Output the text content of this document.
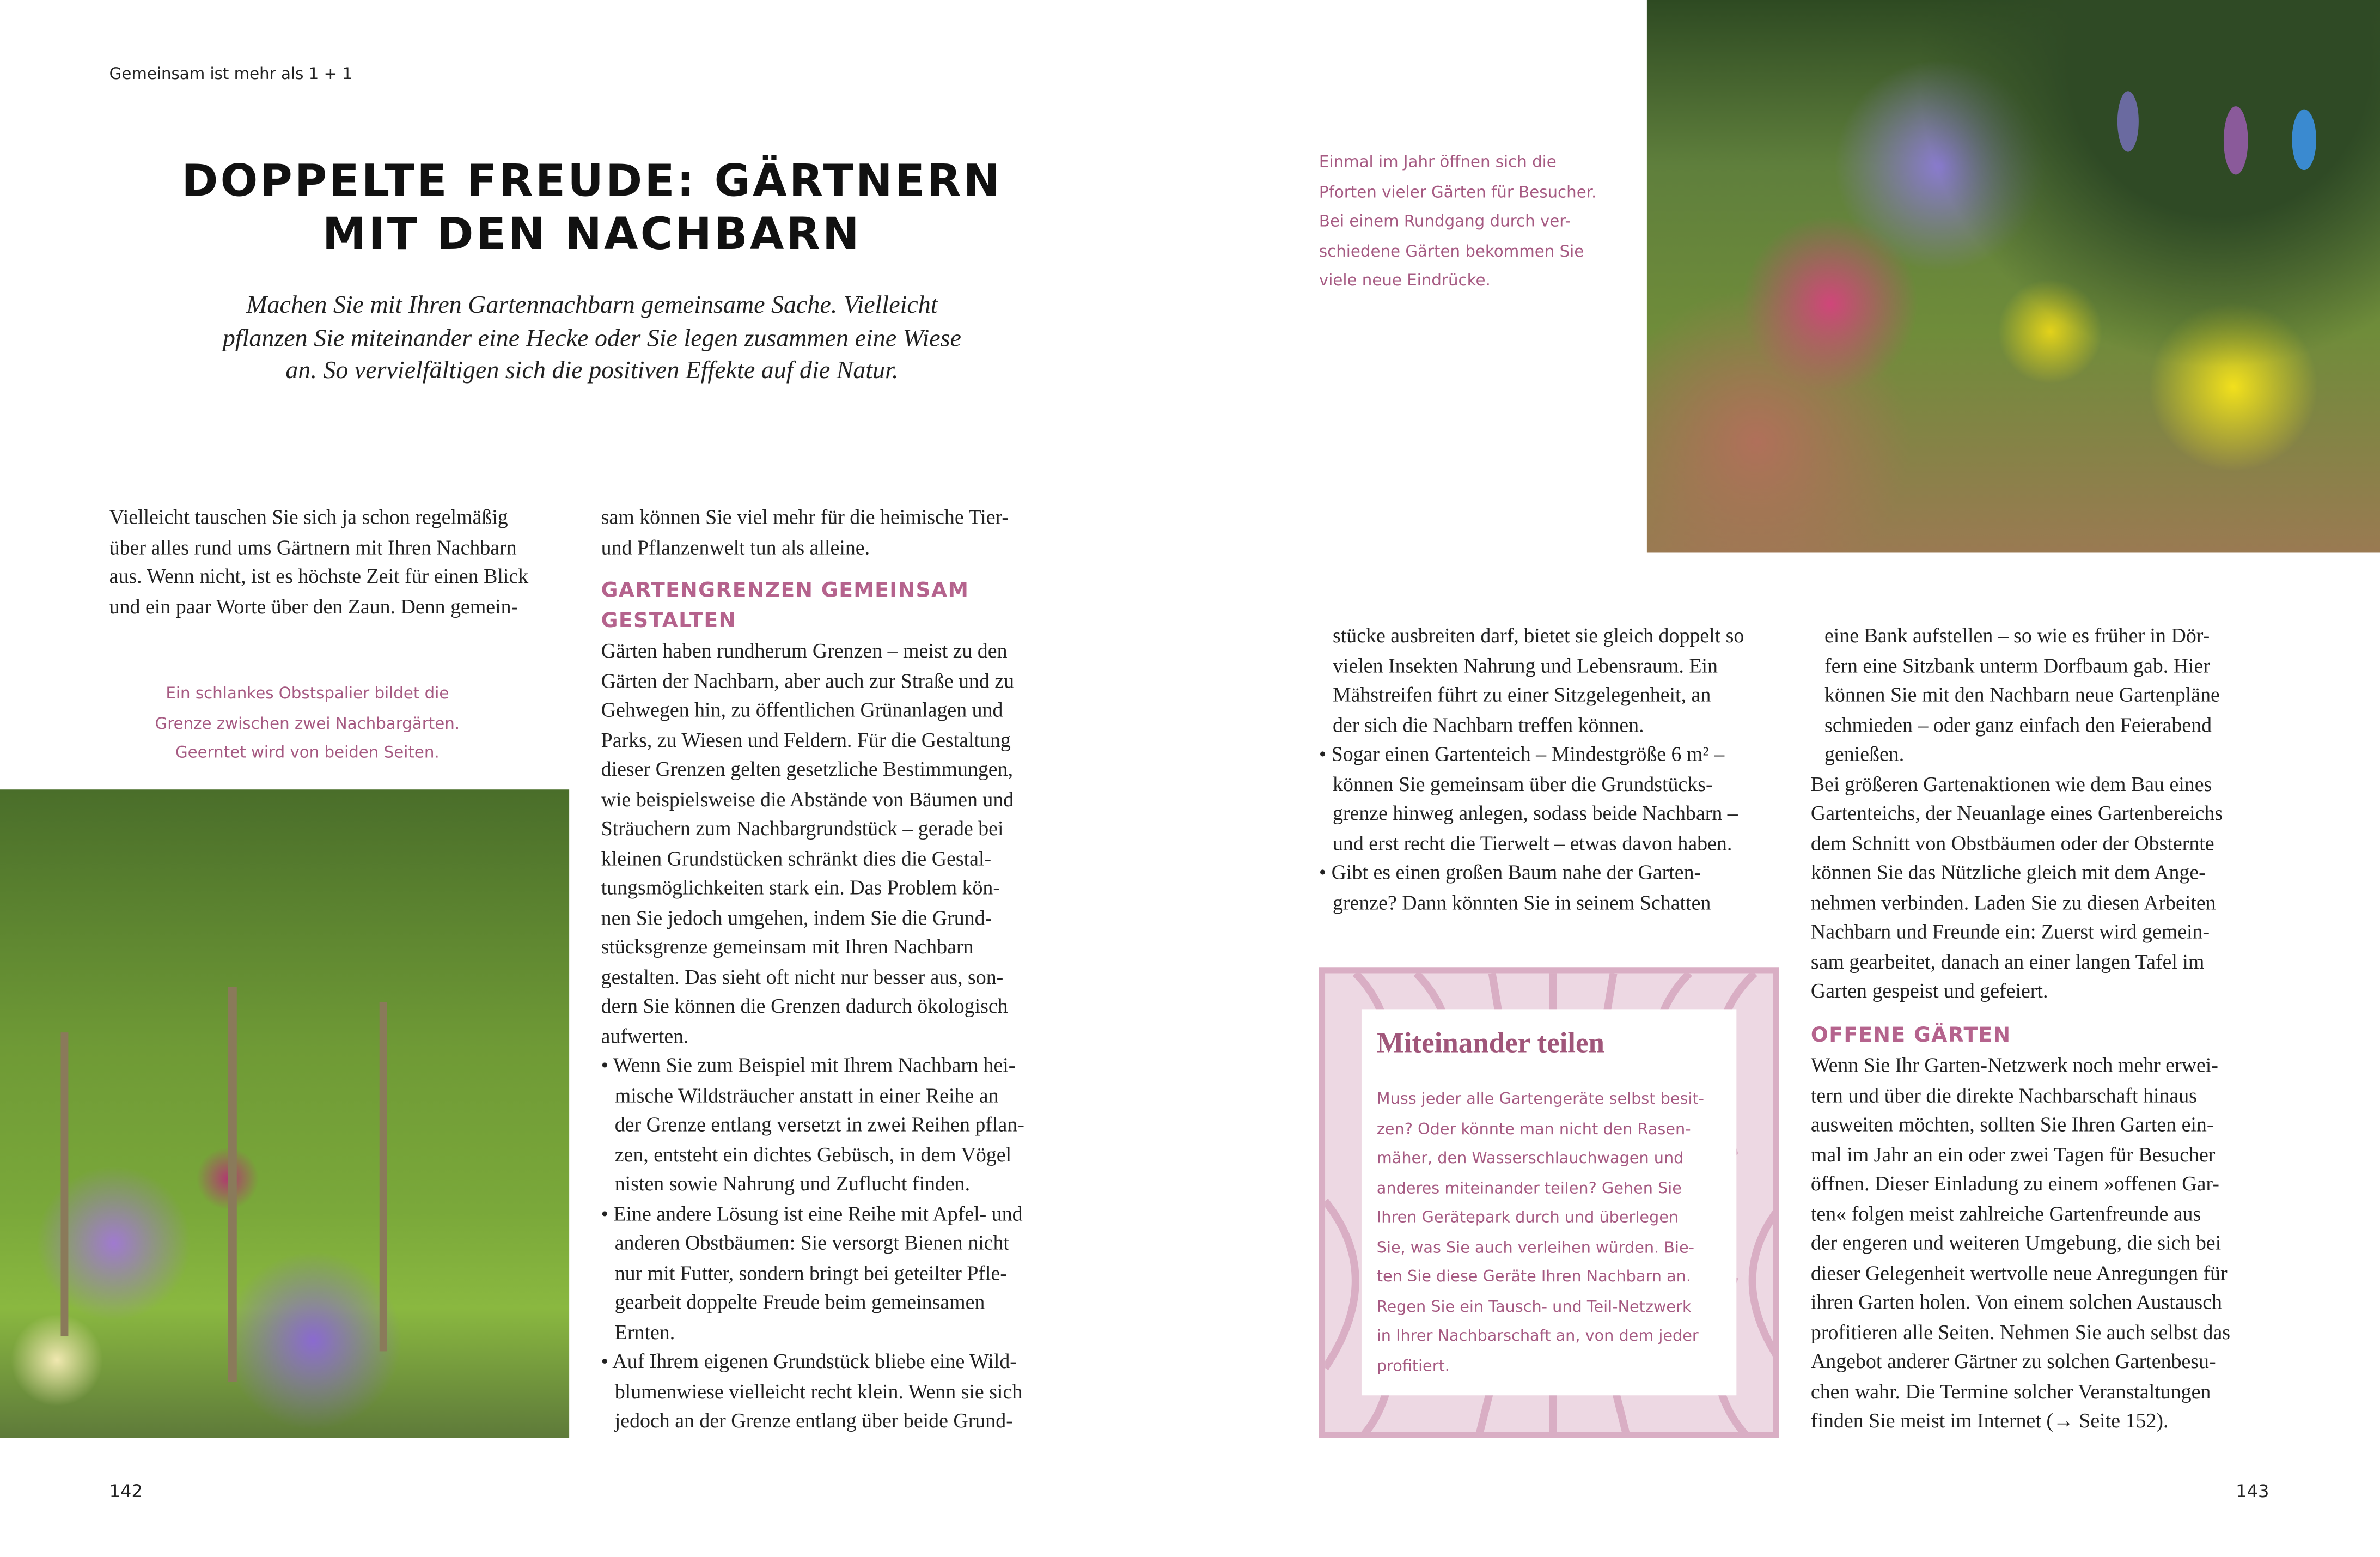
Gemeinsam ist mehr als 1 + 1
DOPPELTE FREUDE: GÄRTNERN
MIT DEN NACHBARN
Machen Sie mit Ihren Gartennachbarn gemeinsame Sache. Vielleicht
pflanzen Sie miteinander eine Hecke oder Sie legen zusammen eine Wiese
an. So vervielfältigen sich die positiven Effekte auf die Natur.
Vielleicht tauschen Sie sich ja schon regelmäßig
über alles rund ums Gärtnern mit Ihren Nachbarn
aus. Wenn nicht, ist es höchste Zeit für einen Blick
und ein paar Worte über den Zaun. Denn gemein-
sam können Sie viel mehr für die heimische Tier-
und Pflanzenwelt tun als alleine.
GARTENGRENZEN GEMEINSAM
GESTALTEN
Gärten haben rundherum Grenzen – meist zu den
Gärten der Nachbarn, aber auch zur Straße und zu
Gehwegen hin, zu öffentlichen Grünanlagen und
Parks, zu Wiesen und Feldern. Für die Gestaltung
dieser Grenzen gelten gesetzliche Bestimmungen,
wie beispielsweise die Abstände von Bäumen und
Sträuchern zum Nachbargrundstück – gerade bei
kleinen Grundstücken schränkt dies die Gestal-
tungsmöglichkeiten stark ein. Das Problem kön-
nen Sie jedoch umgehen, indem Sie die Grund-
stücksgrenze gemeinsam mit Ihren Nachbarn
gestalten. Das sieht oft nicht nur besser aus, son-
dern Sie können die Grenzen dadurch ökologisch
aufwerten.
• Wenn Sie zum Beispiel mit Ihrem Nachbarn hei-
mische Wildsträucher anstatt in einer Reihe an
der Grenze entlang versetzt in zwei Reihen pflan-
zen, entsteht ein dichtes Gebüsch, in dem Vögel
nisten sowie Nahrung und Zuflucht finden.
• Eine andere Lösung ist eine Reihe mit Apfel- und
anderen Obstbäumen: Sie versorgt Bienen nicht
nur mit Futter, sondern bringt bei geteilter Pfle-
gearbeit doppelte Freude beim gemeinsamen
Ernten.
• Auf Ihrem eigenen Grundstück bliebe eine Wild-
blumenwiese vielleicht recht klein. Wenn sie sich
jedoch an der Grenze entlang über beide Grund-
stücke ausbreiten darf, bietet sie gleich doppelt so
vielen Insekten Nahrung und Lebensraum. Ein
Mähstreifen führt zu einer Sitzgelegenheit, an
der sich die Nachbarn treffen können.
• Sogar einen Gartenteich – Mindestgröße 6 m² –
können Sie gemeinsam über die Grundstücks-
grenze hinweg anlegen, sodass beide Nachbarn –
und erst recht die Tierwelt – etwas davon haben.
• Gibt es einen großen Baum nahe der Garten-
grenze? Dann könnten Sie in seinem Schatten
eine Bank aufstellen – so wie es früher in Dör-
fern eine Sitzbank unterm Dorfbaum gab. Hier
können Sie mit den Nachbarn neue Gartenpläne
schmieden – oder ganz einfach den Feierabend
genießen.
Bei größeren Gartenaktionen wie dem Bau eines
Gartenteichs, der Neuanlage eines Gartenbereichs
dem Schnitt von Obstbäumen oder der Obsternte
können Sie das Nützliche gleich mit dem Ange-
nehmen verbinden. Laden Sie zu diesen Arbeiten
Nachbarn und Freunde ein: Zuerst wird gemein-
sam gearbeitet, danach an einer langen Tafel im
Garten gespeist und gefeiert.
OFFENE GÄRTEN
Wenn Sie Ihr Garten-Netzwerk noch mehr erwei-
tern und über die direkte Nachbarschaft hinaus
ausweiten möchten, sollten Sie Ihren Garten ein-
mal im Jahr an ein oder zwei Tagen für Besucher
öffnen. Dieser Einladung zu einem »offenen Gar-
ten« folgen meist zahlreiche Gartenfreunde aus
der engeren und weiteren Umgebung, die sich bei
dieser Gelegenheit wertvolle neue Anregungen für
ihren Garten holen. Von einem solchen Austausch
profitieren alle Seiten. Nehmen Sie auch selbst das
Angebot anderer Gärtner zu solchen Gartenbesu-
chen wahr. Die Termine solcher Veranstaltungen
finden Sie meist im Internet (→ Seite 152).
Ein schlankes Obstspalier bildet die
Grenze zwischen zwei Nachbargärten.
Geerntet wird von beiden Seiten.
Einmal im Jahr öffnen sich die
Pforten vieler Gärten für Besucher.
Bei einem Rundgang durch ver-
schiedene Gärten bekommen Sie
viele neue Eindrücke.
Miteinander teilen
Muss jeder alle Gartengeräte selbst besit-
zen? Oder könnte man nicht den Rasen-
mäher, den Wasserschlauchwagen und
anderes miteinander teilen? Gehen Sie
Ihren Gerätepark durch und überlegen
Sie, was Sie auch verleihen würden. Bie-
ten Sie diese Geräte Ihren Nachbarn an.
Regen Sie ein Tausch- und Teil-Netzwerk
in Ihrer Nachbarschaft an, von dem jeder
profitiert.
142	143
